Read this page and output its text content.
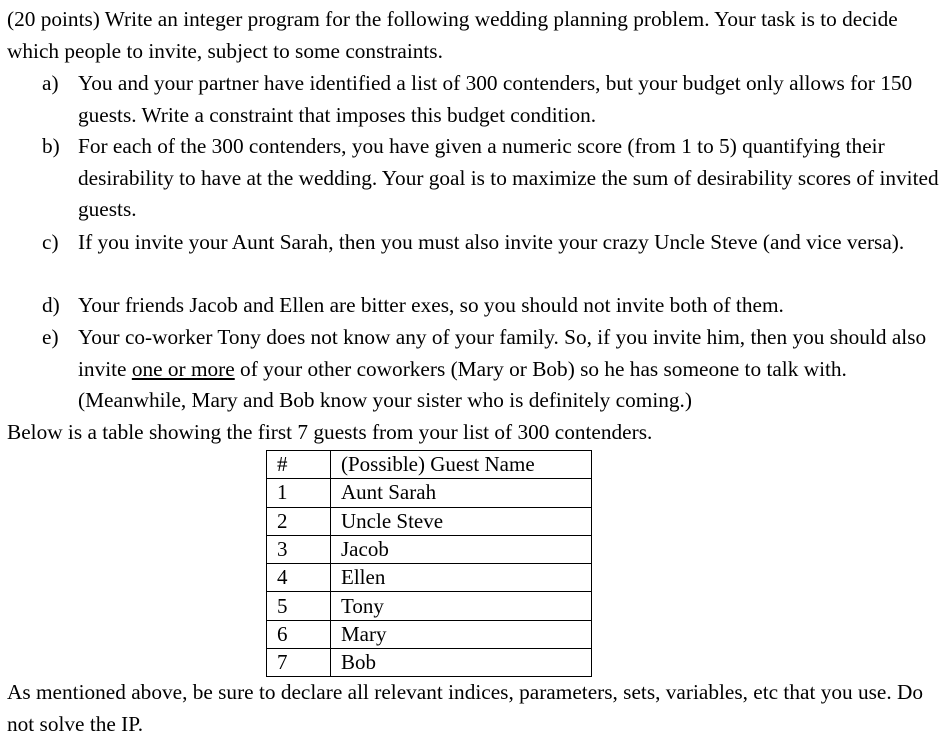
(20 points) Write an integer program for the following wedding planning problem. Your task is to decide which people to invite, subject to some constraints.
a) You and your partner have identified a list of 300 contenders, but your budget only allows for 150 guests. Write a constraint that imposes this budget condition.
b) For each of the 300 contenders, you have given a numeric score (from 1 to 5) quantifying their desirability to have at the wedding. Your goal is to maximize the sum of desirability scores of invited guests.
c) If you invite your Aunt Sarah, then you must also invite your crazy Uncle Steve (and vice versa).
d) Your friends Jacob and Ellen are bitter exes, so you should not invite both of them.
e) Your co-worker Tony does not know any of your family. So, if you invite him, then you should also invite one or more of your other coworkers (Mary or Bob) so he has someone to talk with. (Meanwhile, Mary and Bob know your sister who is definitely coming.)
Below is a table showing the first 7 guests from your list of 300 contenders.
#	(Possible) Guest Name
1	Aunt Sarah
2	Uncle Steve
3	Jacob
4	Ellen
5	Tony
6	Mary
7	Bob
As mentioned above, be sure to declare all relevant indices, parameters, sets, variables, etc that you use. Do not solve the IP.
